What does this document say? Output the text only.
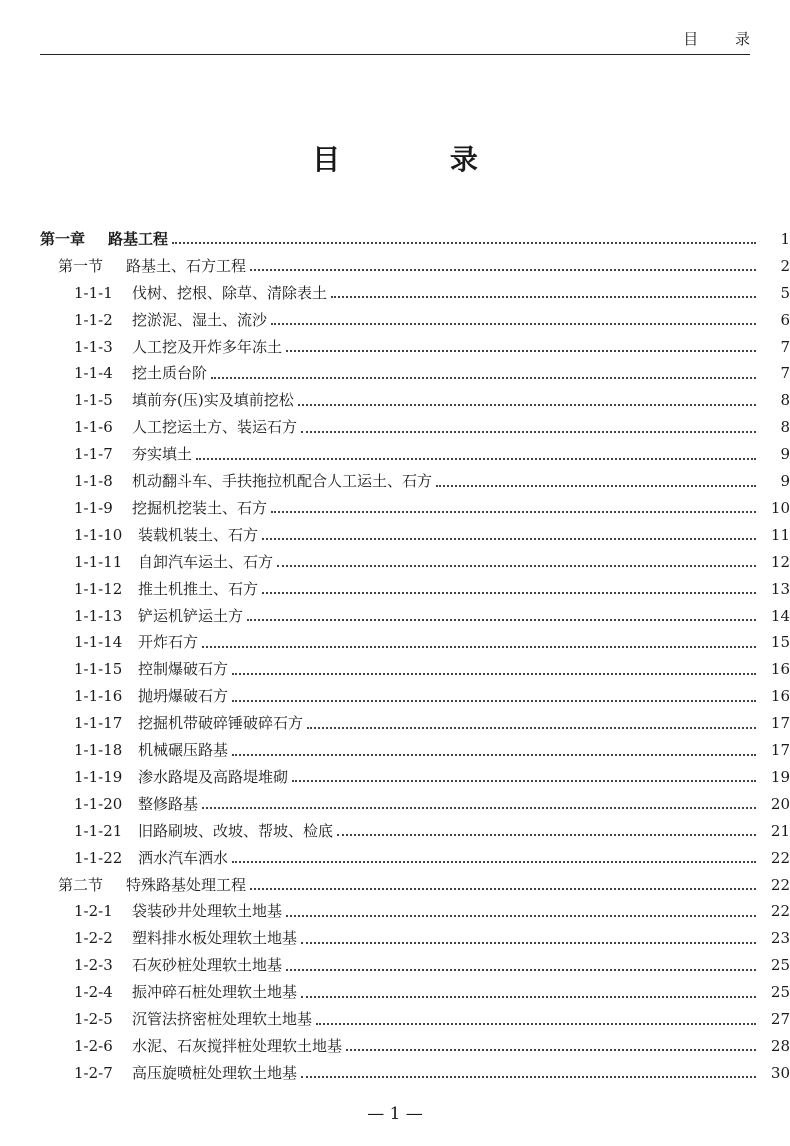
目 录
目 录
第一章	路基工程	1
第一节	路基土、石方工程	2
1-1-1	伐树、挖根、除草、清除表土	5
1-1-2	挖淤泥、湿土、流沙	6
1-1-3	人工挖及开炸多年冻土	7
1-1-4	挖土质台阶	7
1-1-5	填前夯(压)实及填前挖松	8
1-1-6	人工挖运土方、装运石方	8
1-1-7	夯实填土	9
1-1-8	机动翻斗车、手扶拖拉机配合人工运土、石方	9
1-1-9	挖掘机挖装土、石方	10
1-1-10	装载机装土、石方	11
1-1-11	自卸汽车运土、石方	12
1-1-12	推土机推土、石方	13
1-1-13	铲运机铲运土方	14
1-1-14	开炸石方	15
1-1-15	控制爆破石方	16
1-1-16	抛坍爆破石方	16
1-1-17	挖掘机带破碎锤破碎石方	17
1-1-18	机械碾压路基	17
1-1-19	渗水路堤及高路堤堆砌	19
1-1-20	整修路基	20
1-1-21	旧路刷坡、改坡、帮坡、检底	21
1-1-22	洒水汽车洒水	22
第二节	特殊路基处理工程	22
1-2-1	袋装砂井处理软土地基	22
1-2-2	塑料排水板处理软土地基	23
1-2-3	石灰砂桩处理软土地基	25
1-2-4	振冲碎石桩处理软土地基	25
1-2-5	沉管法挤密桩处理软土地基	27
1-2-6	水泥、石灰搅拌桩处理软土地基	28
1-2-7	高压旋喷桩处理软土地基	30
— 1 —
